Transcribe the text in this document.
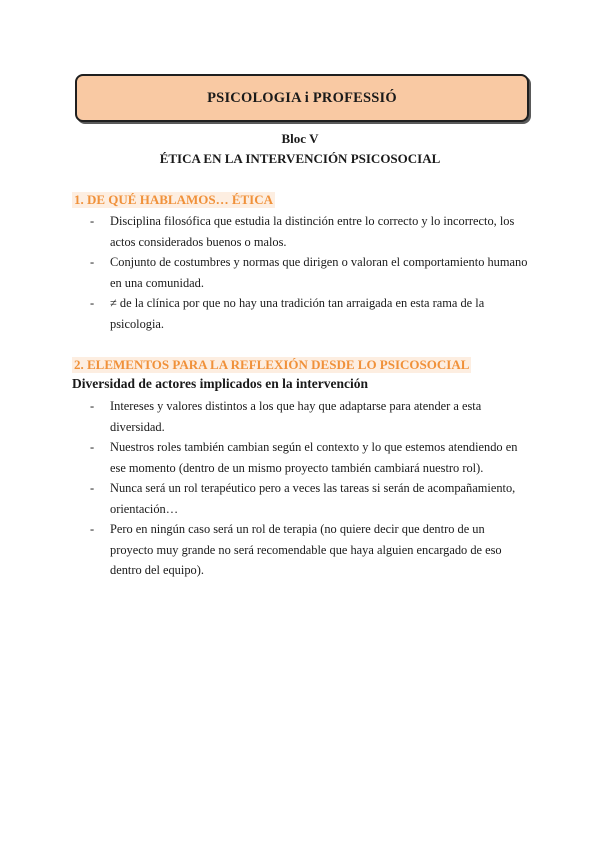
PSICOLOGIA i PROFESSIÓ
Bloc V
ÉTICA EN LA INTERVENCIÓN PSICOSOCIAL
1. DE QUÉ HABLAMOS… ÉTICA
- Disciplina filosófica que estudia la distinción entre lo correcto y lo incorrecto, los actos considerados buenos o malos.
- Conjunto de costumbres y normas que dirigen o valoran el comportamiento humano en una comunidad.
- ≠ de la clínica por que no hay una tradición tan arraigada en esta rama de la psicologia.
2. ELEMENTOS PARA LA REFLEXIÓN DESDE LO PSICOSOCIAL
Diversidad de actores implicados en la intervención
- Intereses y valores distintos a los que hay que adaptarse para atender a esta diversidad.
- Nuestros roles también cambian según el contexto y lo que estemos atendiendo en ese momento (dentro de un mismo proyecto también cambiará nuestro rol).
- Nunca será un rol terapéutico pero a veces las tareas si serán de acompañamiento, orientación…
- Pero en ningún caso será un rol de terapia (no quiere decir que dentro de un proyecto muy grande no será recomendable que haya alguien encargado de eso dentro del equipo).
